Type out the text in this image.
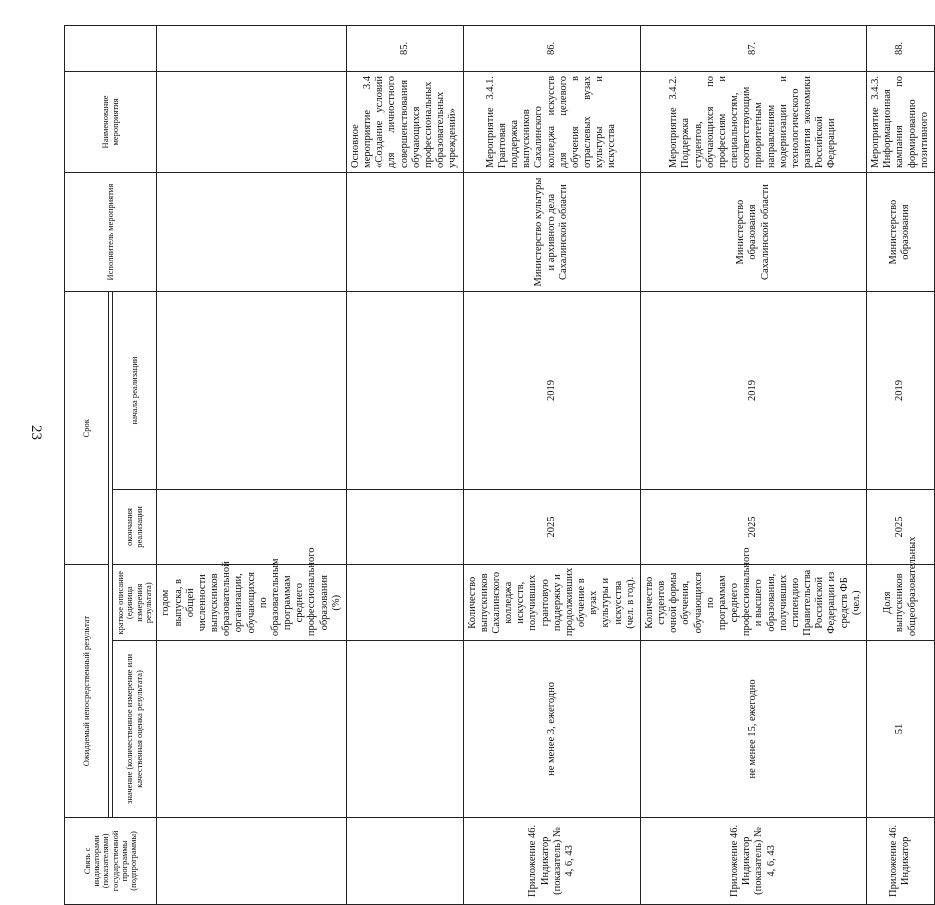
23
Связь с индикаторами (показателями) государственной программы (подпрограммы)	Ожидаемый непосредственный результат		Срок		Исполнитель мероприятия	Наименование мероприятия	

	значение (количественное измерение или качественная оценка результата)	краткое описание (единица измерения результата)	окончания реализации	начала реализации			
		годом выпуска, в общей численности выпускников образовательной организации, обучающихся по образовательным программам среднего профессионального образования (%)					
						Основное мероприятие 3.4 «Создание условий для личностного совершенствования обучающихся профессиональных образовательных учреждений»	85.
Приложение 46. Индикатор (показатель) № 4, 6, 43	не менее 3, ежегодно	Количество выпускников Сахалинского колледжа искусств, получивших грантовую поддержку и продолживших обучение в вузах культуры и искусства (чел. в год).	2025	2019	Министерство культуры и архивного дела Сахалинской области	Мероприятие 3.4.1. Грантовая поддержка выпускников Сахалинского колледжа искусств для целевого обучения в отраслевых вузах культуры и искусства	86.
Приложение 46. Индикатор (показатель) № 4, 6, 43	не менее 15, ежегодно	Количество студентов очной формы обучения, обучающихся по программам среднего профессионального и высшего образования, получивших стипендию Правительства Российской Федерации из средств ФБ (чел.)	2025	2019	Министерство образования Сахалинской области	Мероприятие 3.4.2. Поддержка студентов, обучающихся по профессиям и специальностям, соответствующим приоритетным направлениям модернизации и технологического развития экономики Российской Федерации	87.
Приложение 46. Индикатор	51	Доля выпускников общеобразовательных	2025	2019	Министерство образования	Мероприятие 3.4.3. Информационная кампания по формированию позитивного	88.
